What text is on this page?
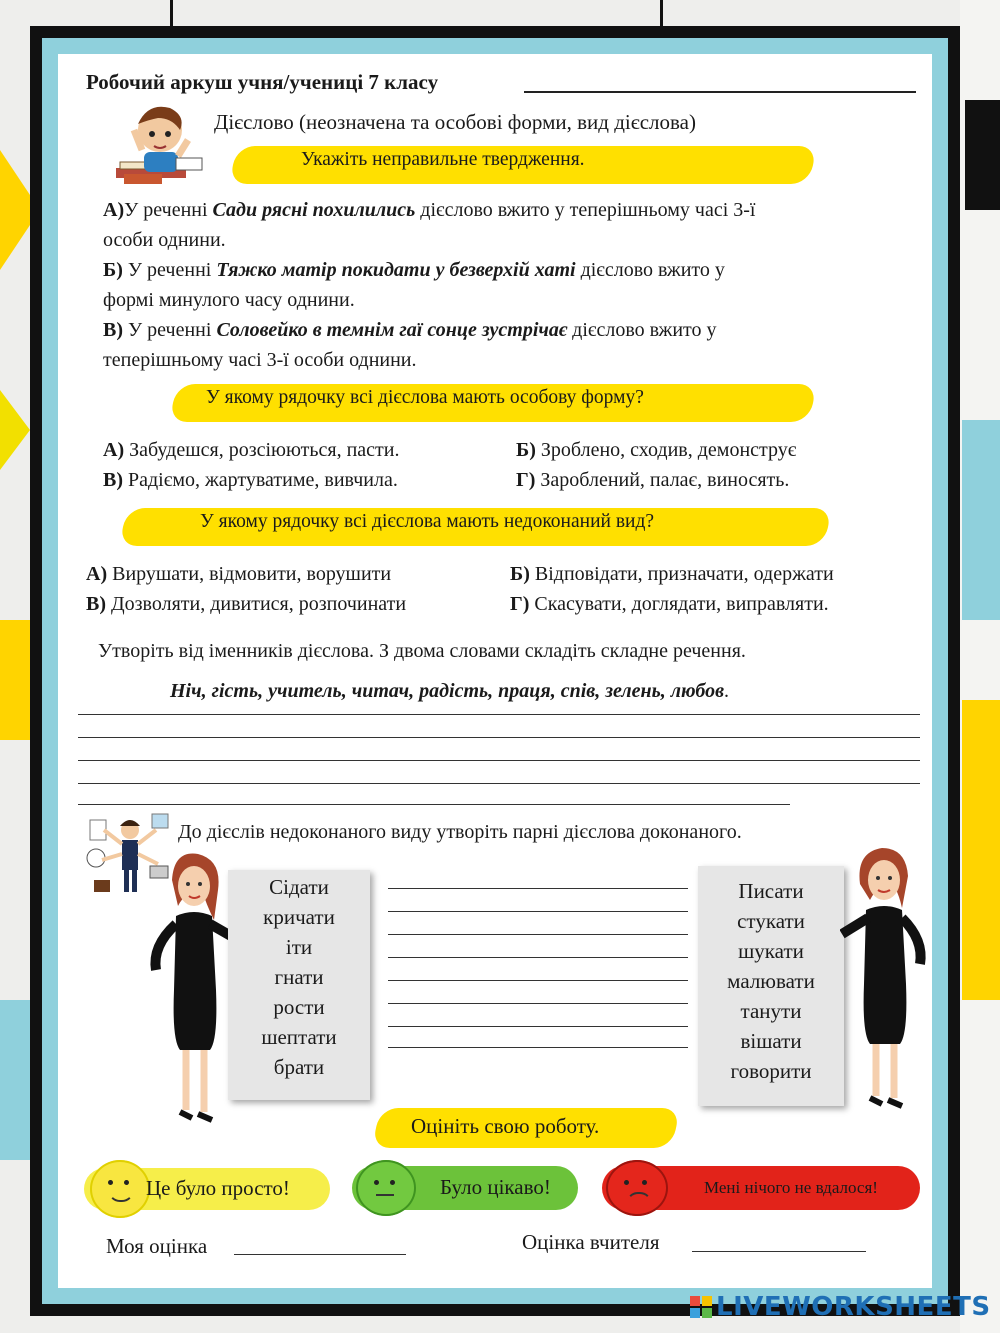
Робочий аркуш учня/учениці 7 класу
Дієслово (неозначена та особові форми, вид дієслова)
Укажіть неправильне твердження.
А)У реченні Сади рясні похилились дієслово вжито у теперішньому часі 3-ї
особи однини.
Б) У реченні Тяжко матір покидати у безверхій хаті дієслово вжито у
формі минулого часу однини.
В) У реченні Соловейко в темнім гаї сонце зустрічає дієслово вжито у
теперішньому часі 3-ї особи однини.
У якому рядочку всі дієслова мають особову форму?
А) Забудешся, розсіюються, пасти.	Б) Зроблено, сходив, демонструє
В) Радіємо, жартуватиме, вивчила.	Г) Зароблений, палає, виносять.
У якому рядочку всі дієслова мають недоконаний вид?
А) Вирушати, відмовити, ворушити	Б) Відповідати, призначати, одержати
В) Дозволяти, дивитися, розпочинати	Г) Скасувати, доглядати, виправляти.
Утворіть від іменників дієслова. З двома словами складіть складне речення.
Ніч, гість, учитель, читач, радість, праця, спів, зелень, любов.
До дієслів недоконаного виду утворіть парні дієслова доконаного.
Сідати
кричати
іти
гнати
рости
шептати
брати
Писати
стукати
шукати
малювати
танути
вішати
говорити
Оцініть свою роботу.
Це було просто!	Було цікаво!	Мені нічого не вдалося!
Моя оцінка	Оцінка вчителя
LIVEWORKSHEETS
